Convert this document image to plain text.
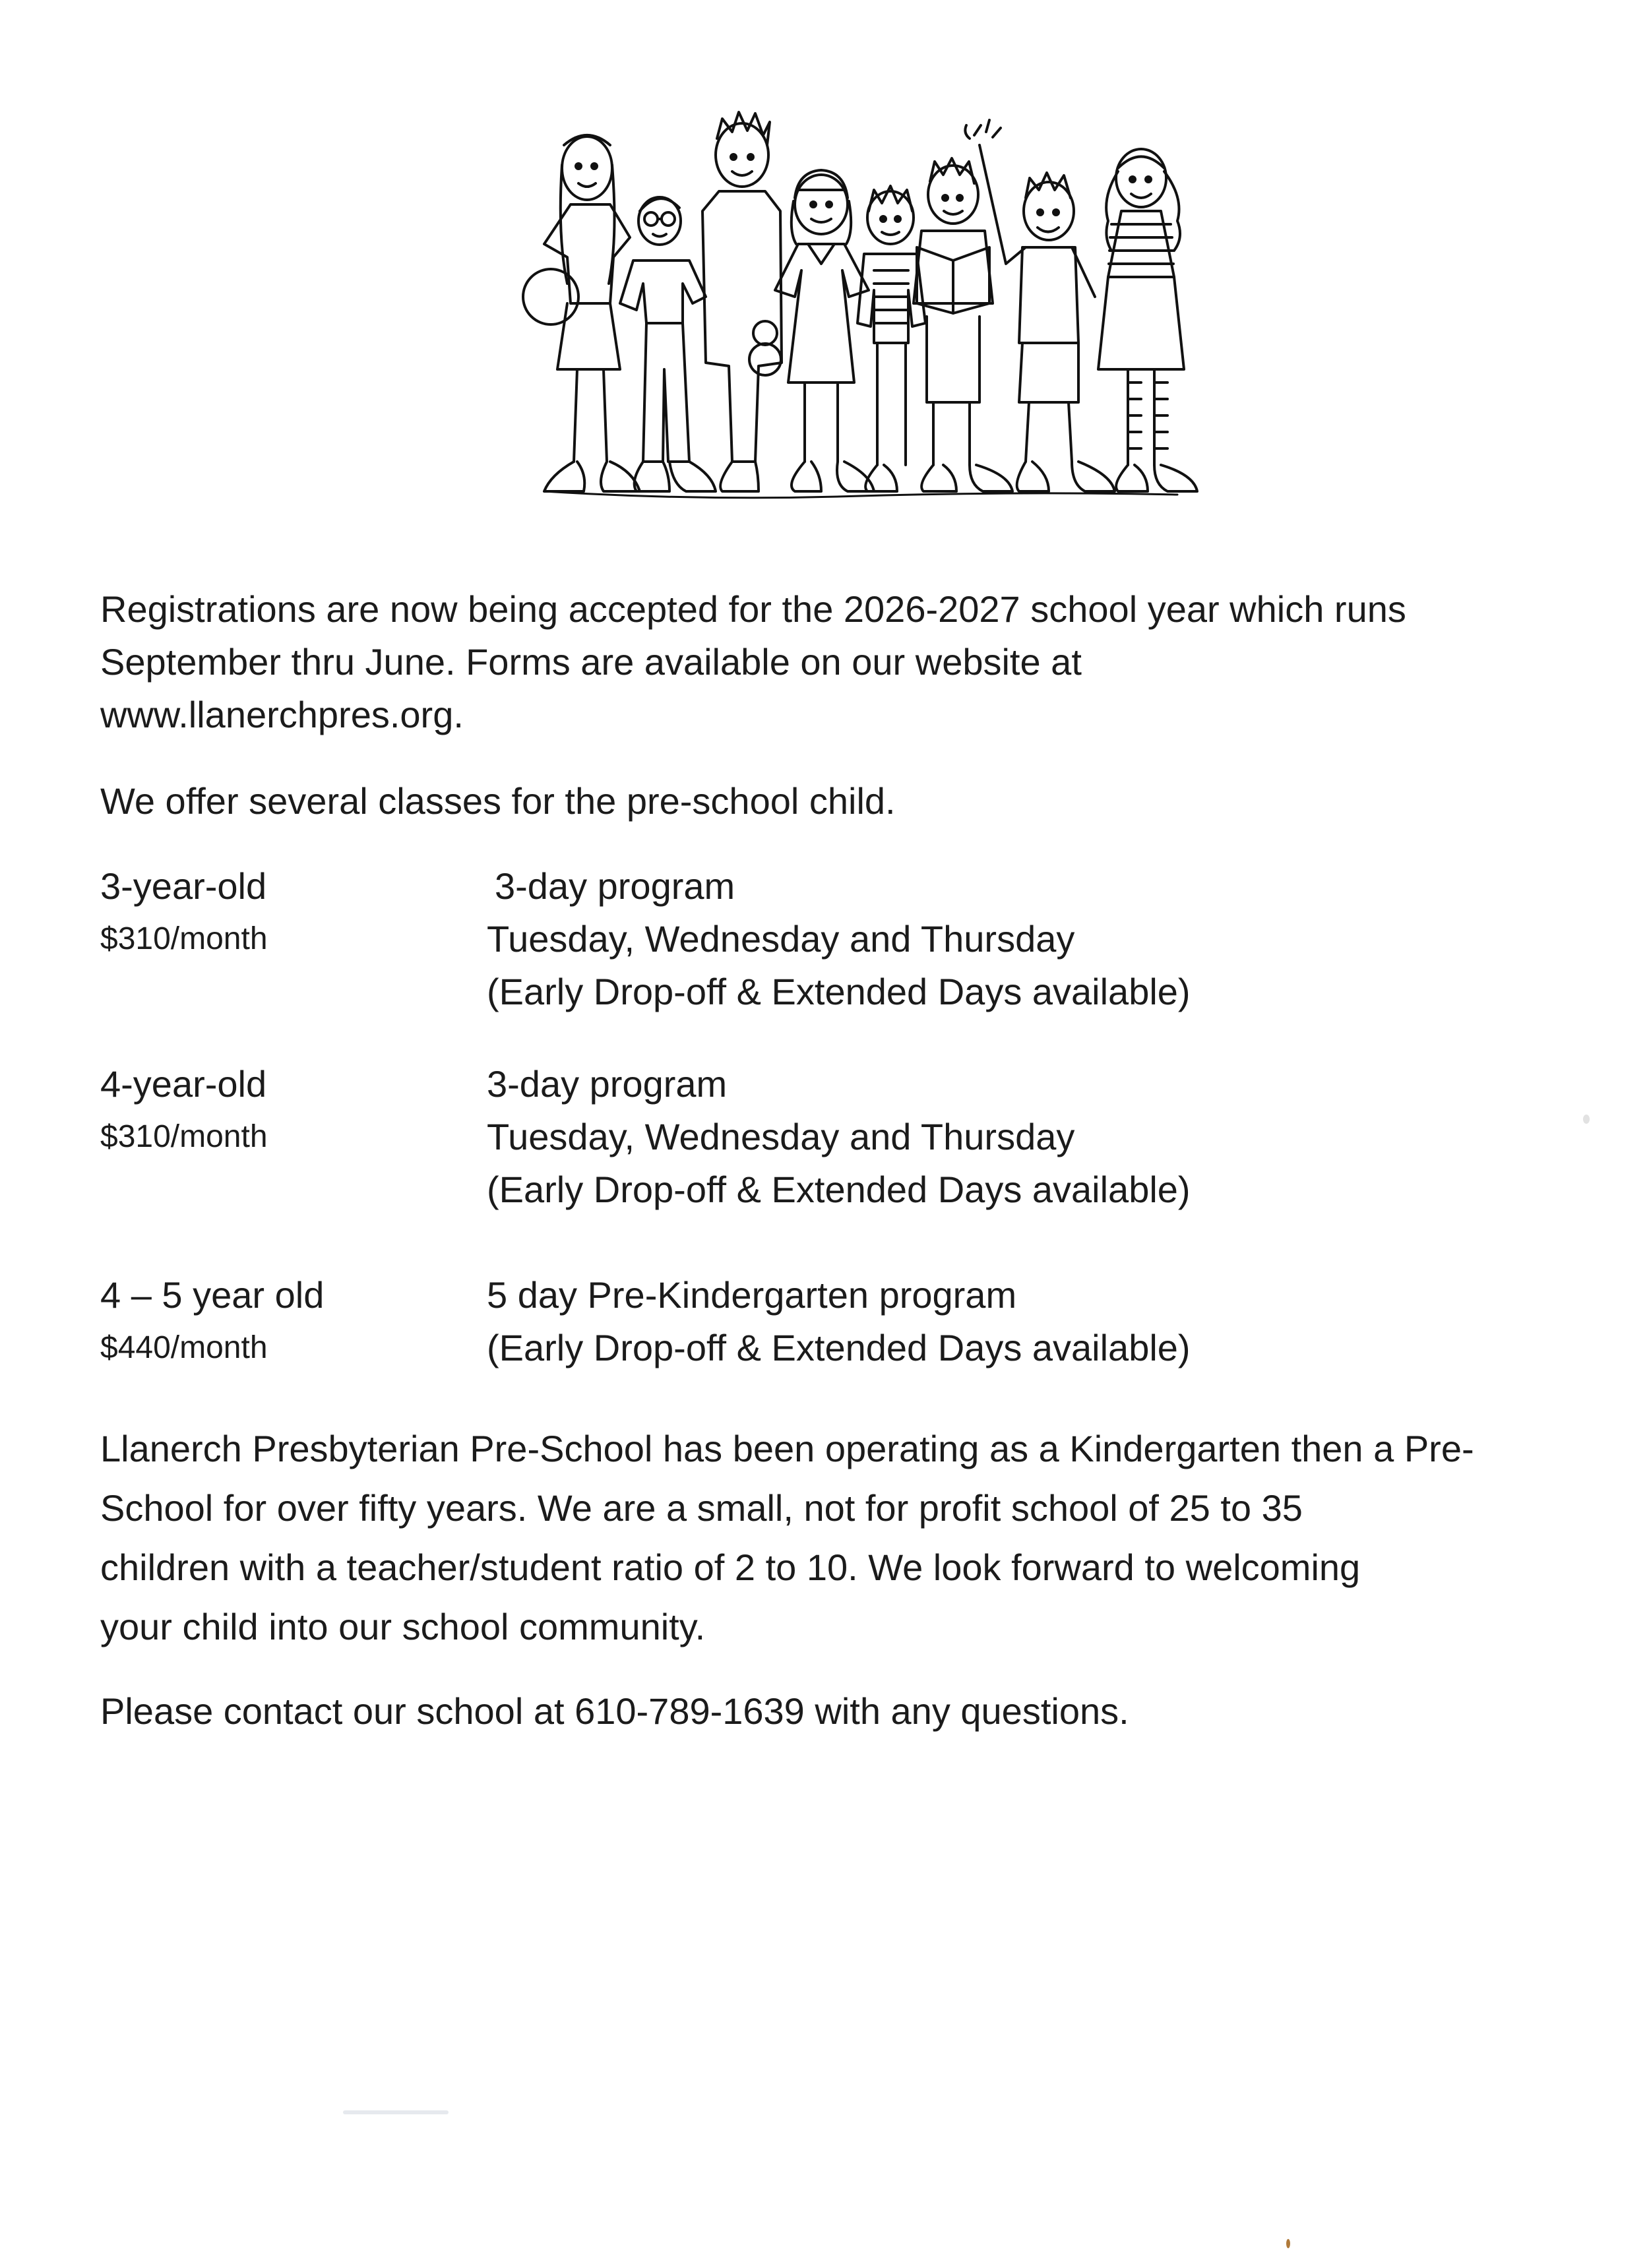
Registrations are now being accepted for the 2026-2027 school year which runs
September thru June. Forms are available on our website at
www.llanerchpres.org.

We offer several classes for the pre-school child.

3-year-old
$310/month
3-day program
Tuesday, Wednesday and Thursday
(Early Drop-off & Extended Days available)
4-year-old
$310/month
3-day program
Tuesday, Wednesday and Thursday
(Early Drop-off & Extended Days available)
4 – 5 year old
$440/month
5 day Pre-Kindergarten program
(Early Drop-off & Extended Days available)

Llanerch Presbyterian Pre-School has been operating as a Kindergarten then a Pre-
School for over fifty years. We are a small, not for profit school of 25 to 35
children with a teacher/student ratio of 2 to 10. We look forward to welcoming
your child into our school community.

Please contact our school at 610-789-1639 with any questions.
